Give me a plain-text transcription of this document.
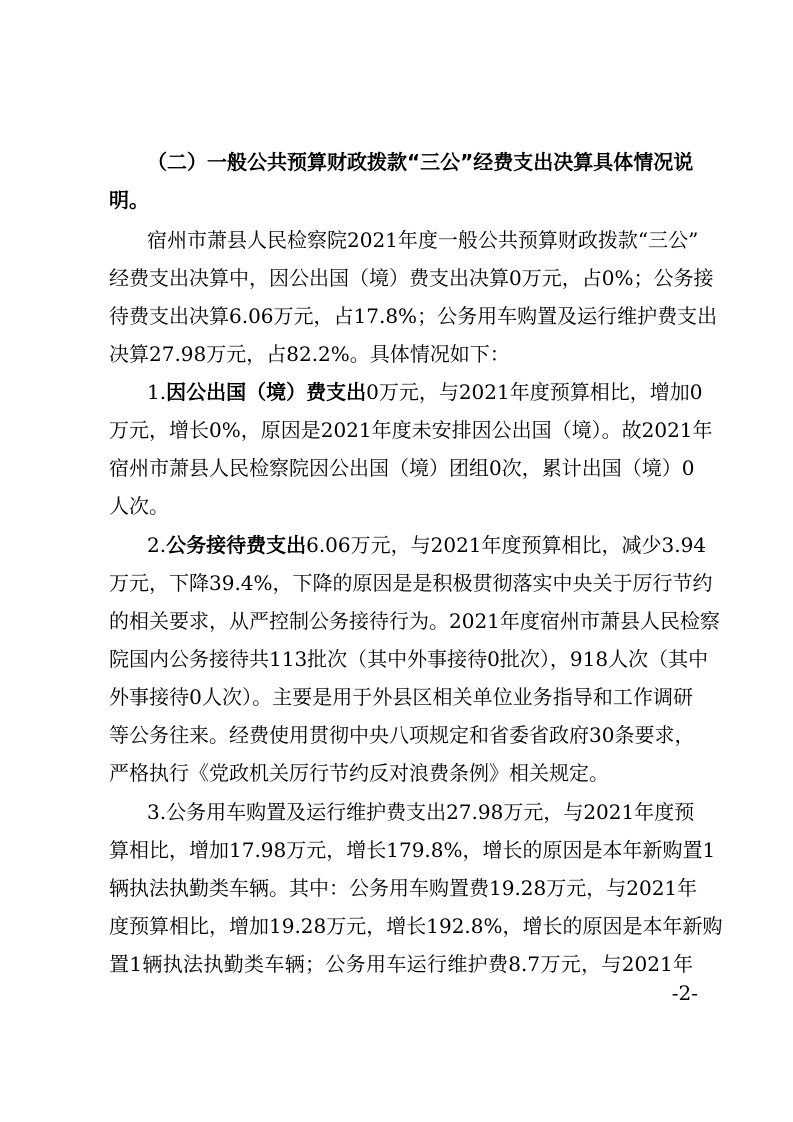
（二）一般公共预算财政拨款“三公”经费支出决算具体情况说
明。
宿州市萧县人民检察院2021年度一般公共预算财政拨款“三公”
经费支出决算中，因公出国（境）费支出决算0万元，占0%；公务接
待费支出决算6.06万元，占17.8%；公务用车购置及运行维护费支出
决算27.98万元，占82.2%。具体情况如下：
1.因公出国（境）费支出0万元，与2021年度预算相比，增加0
万元，增长0%，原因是2021年度未安排因公出国（境）。故2021年
宿州市萧县人民检察院因公出国（境）团组0次，累计出国（境）0
人次。
2.公务接待费支出6.06万元，与2021年度预算相比，减少3.94
万元，下降39.4%，下降的原因是是积极贯彻落实中央关于厉行节约
的相关要求，从严控制公务接待行为。2021年度宿州市萧县人民检察
院国内公务接待共113批次（其中外事接待0批次），918人次（其中
外事接待0人次）。主要是用于外县区相关单位业务指导和工作调研
等公务往来。经费使用贯彻中央八项规定和省委省政府30条要求，
严格执行《党政机关厉行节约反对浪费条例》相关规定。
3.公务用车购置及运行维护费支出27.98万元，与2021年度预
算相比，增加17.98万元，增长179.8%，增长的原因是本年新购置1
辆执法执勤类车辆。其中：公务用车购置费19.28万元，与2021年
度预算相比，增加19.28万元，增长192.8%，增长的原因是本年新购
置1辆执法执勤类车辆；公务用车运行维护费8.7万元，与2021年
-2-
